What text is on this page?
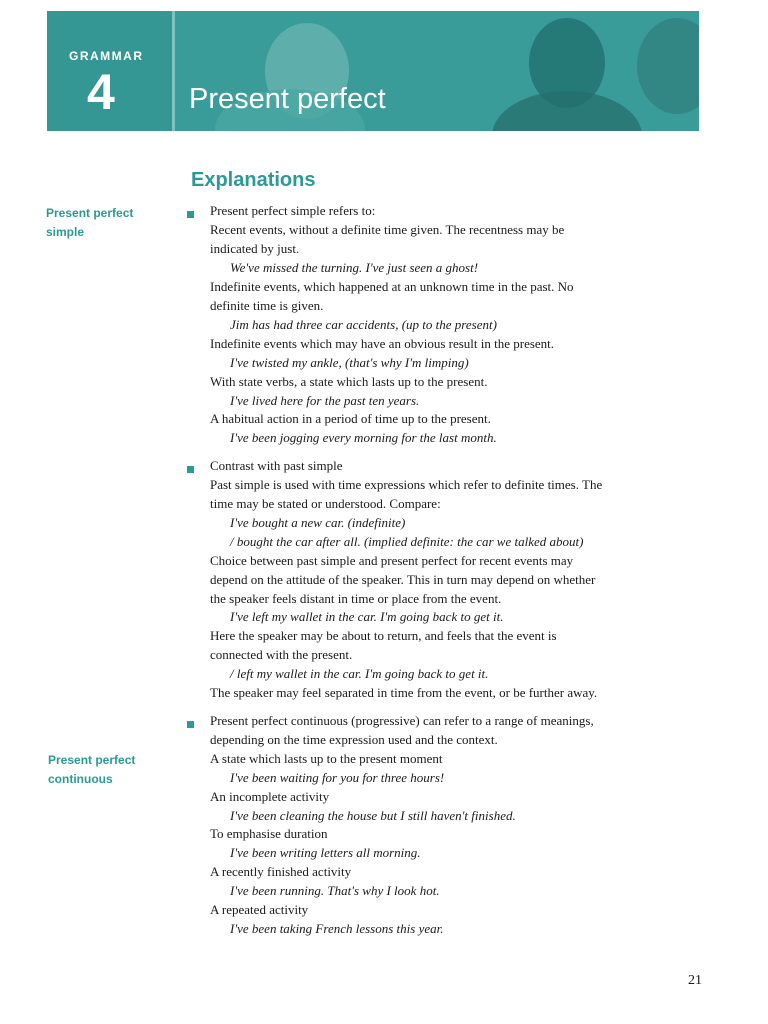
GRAMMAR
4	Present perfect
Explanations
Present perfect
simple
Present perfect
continuous
Present perfect simple refers to:
Recent events, without a definite time given. The recentness may be
indicated by just.
We've missed the turning. I've just seen a ghost!
Indefinite events, which happened at an unknown time in the past. No
definite time is given.
Jim has had three car accidents, (up to the present)
Indefinite events which may have an obvious result in the present.
I've twisted my ankle, (that's why I'm limping)
With state verbs, a state which lasts up to the present.
I've lived here for the past ten years.
A habitual action in a period of time up to the present.
I've been jogging every morning for the last month.
Contrast with past simple
Past simple is used with time expressions which refer to definite times. The
time may be stated or understood. Compare:
I've bought a new car. (indefinite)
/ bought the car after all. (implied definite: the car we talked about)
Choice between past simple and present perfect for recent events may
depend on the attitude of the speaker. This in turn may depend on whether
the speaker feels distant in time or place from the event.
I've left my wallet in the car. I'm going back to get it.
Here the speaker may be about to return, and feels that the event is
connected with the present.
/ left my wallet in the car. I'm going back to get it.
The speaker may feel separated in time from the event, or be further away.
Present perfect continuous (progressive) can refer to a range of meanings,
depending on the time expression used and the context.
A state which lasts up to the present moment
I've been waiting for you for three hours!
An incomplete activity
I've been cleaning the house but I still haven't finished.
To emphasise duration
I've been writing letters all morning.
A recently finished activity
I've been running. That's why I look hot.
A repeated activity
I've been taking French lessons this year.
21
